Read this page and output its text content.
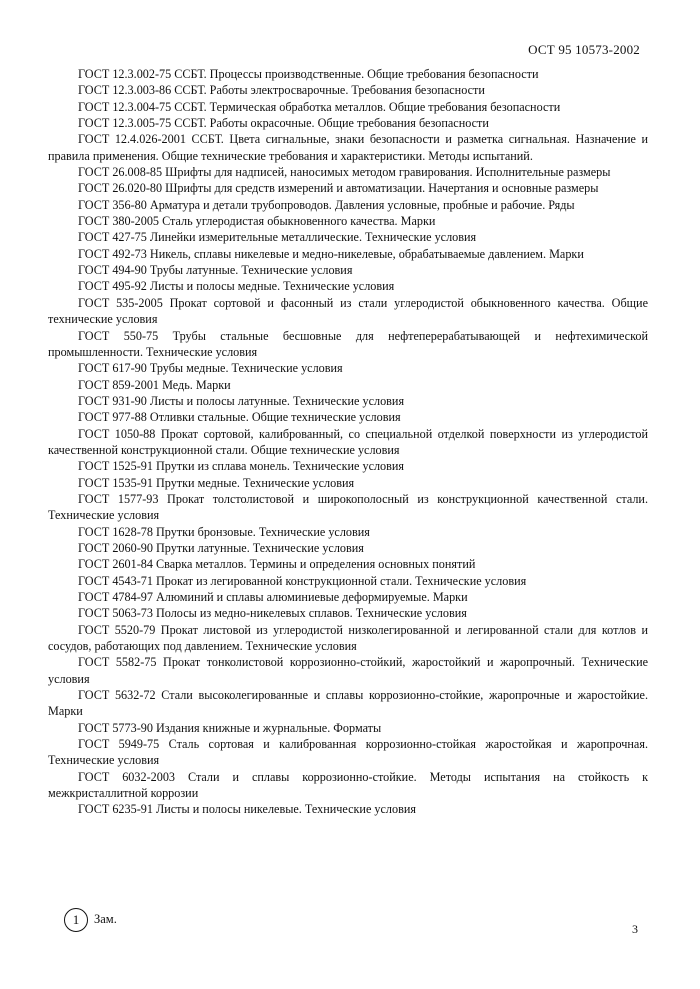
ОСТ 95 10573-2002

ГОСТ 12.3.002-75 ССБТ. Процессы производственные. Общие требования безопасности

ГОСТ 12.3.003-86 ССБТ. Работы электросварочные. Требования безопасности

ГОСТ 12.3.004-75 ССБТ. Термическая обработка металлов. Общие требования безопасности

ГОСТ 12.3.005-75 ССБТ. Работы окрасочные. Общие требования безопасности

ГОСТ 12.4.026-2001 ССБТ. Цвета сигнальные, знаки безопасности и разметка сигнальная. Назначение и правила применения. Общие технические требования и характеристики. Методы испытаний.

ГОСТ 26.008-85 Шрифты для надписей, наносимых методом гравирования. Исполнительные размеры

ГОСТ 26.020-80 Шрифты для средств измерений и автоматизации. Начертания и основные размеры

ГОСТ 356-80 Арматура и детали трубопроводов. Давления условные, пробные и рабочие. Ряды

ГОСТ 380-2005 Сталь углеродистая обыкновенного качества. Марки

ГОСТ 427-75 Линейки измерительные металлические. Технические условия

ГОСТ 492-73 Никель, сплавы никелевые и медно-никелевые, обрабатываемые давлением. Марки

ГОСТ 494-90 Трубы латунные. Технические условия

ГОСТ 495-92 Листы и полосы медные. Технические условия

ГОСТ 535-2005 Прокат сортовой и фасонный из стали углеродистой обыкновенного качества. Общие технические условия

ГОСТ 550-75 Трубы стальные бесшовные для нефтеперерабатывающей и нефтехимической промышленности. Технические условия

ГОСТ 617-90 Трубы медные. Технические условия

ГОСТ 859-2001 Медь. Марки

ГОСТ 931-90 Листы и полосы латунные. Технические условия

ГОСТ 977-88 Отливки стальные. Общие технические условия

ГОСТ 1050-88 Прокат сортовой, калиброванный, со специальной отделкой поверхности из углеродистой качественной конструкционной стали. Общие технические условия

ГОСТ 1525-91 Прутки из сплава монель. Технические условия

ГОСТ 1535-91 Прутки медные. Технические условия

ГОСТ 1577-93 Прокат толстолистовой и широкополосный из конструкционной качественной стали. Технические условия

ГОСТ 1628-78 Прутки бронзовые. Технические условия

ГОСТ 2060-90 Прутки латунные. Технические условия

ГОСТ 2601-84 Сварка металлов. Термины и определения основных понятий

ГОСТ 4543-71 Прокат из легированной конструкционной стали. Технические условия

ГОСТ 4784-97 Алюминий и сплавы алюминиевые деформируемые. Марки

ГОСТ 5063-73 Полосы из медно-никелевых сплавов. Технические условия

ГОСТ 5520-79 Прокат листовой из углеродистой низколегированной и легированной стали для котлов и сосудов, работающих под давлением. Технические условия

ГОСТ 5582-75 Прокат тонколистовой коррозионно-стойкий, жаростойкий и жаропрочный. Технические условия

ГОСТ 5632-72 Стали высоколегированные и сплавы коррозионно-стойкие, жаропрочные и жаростойкие. Марки

ГОСТ 5773-90 Издания книжные и журнальные. Форматы

ГОСТ 5949-75 Сталь сортовая и калиброванная коррозионно-стойкая жаростойкая и жаропрочная. Технические условия

ГОСТ 6032-2003 Стали и сплавы коррозионно-стойкие. Методы испытания на стойкость к межкристаллитной коррозии

ГОСТ 6235-91 Листы и полосы никелевые. Технические условия

1 Зам.
3
